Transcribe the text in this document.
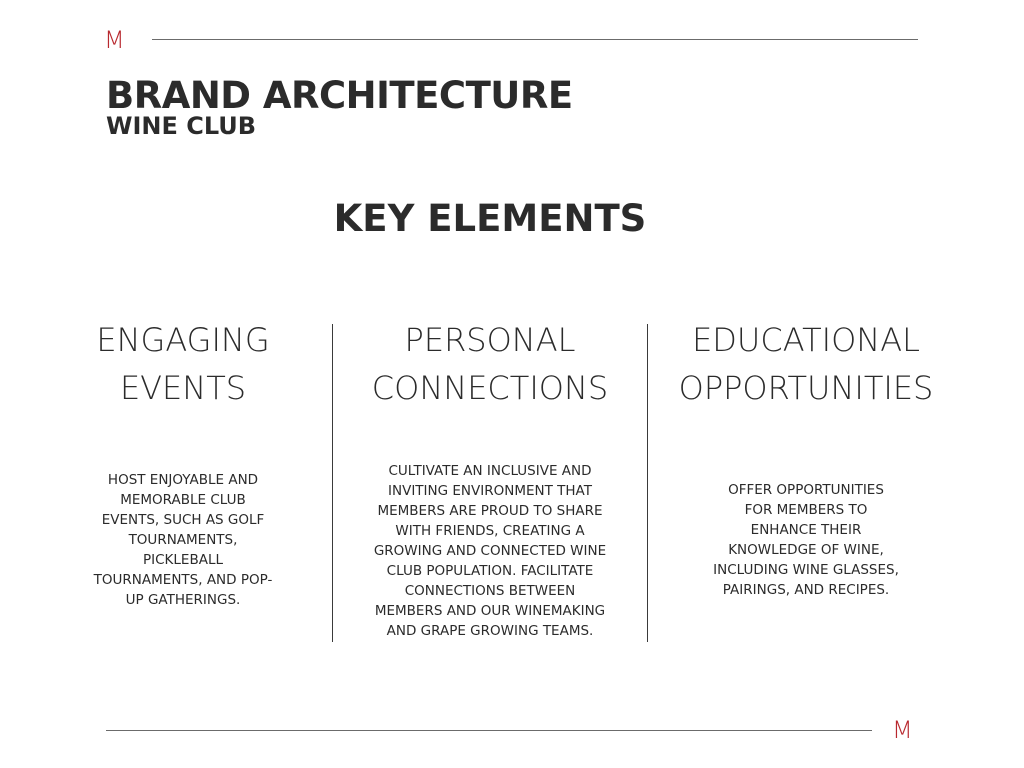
M
BRAND ARCHITECTURE
WINE CLUB
KEY ELEMENTS
ENGAGING
EVENTS

HOST ENJOYABLE AND
MEMORABLE CLUB
EVENTS, SUCH AS GOLF
TOURNAMENTS,
PICKLEBALL
TOURNAMENTS, AND POP-
UP GATHERINGS.

PERSONAL
CONNECTIONS

CULTIVATE AN INCLUSIVE AND
INVITING ENVIRONMENT THAT
MEMBERS ARE PROUD TO SHARE
WITH FRIENDS, CREATING A
GROWING AND CONNECTED WINE
CLUB POPULATION. FACILITATE
CONNECTIONS BETWEEN
MEMBERS AND OUR WINEMAKING
AND GRAPE GROWING TEAMS.

EDUCATIONAL
OPPORTUNITIES

OFFER OPPORTUNITIES
FOR MEMBERS TO
ENHANCE THEIR
KNOWLEDGE OF WINE,
INCLUDING WINE GLASSES,
PAIRINGS, AND RECIPES.

M
